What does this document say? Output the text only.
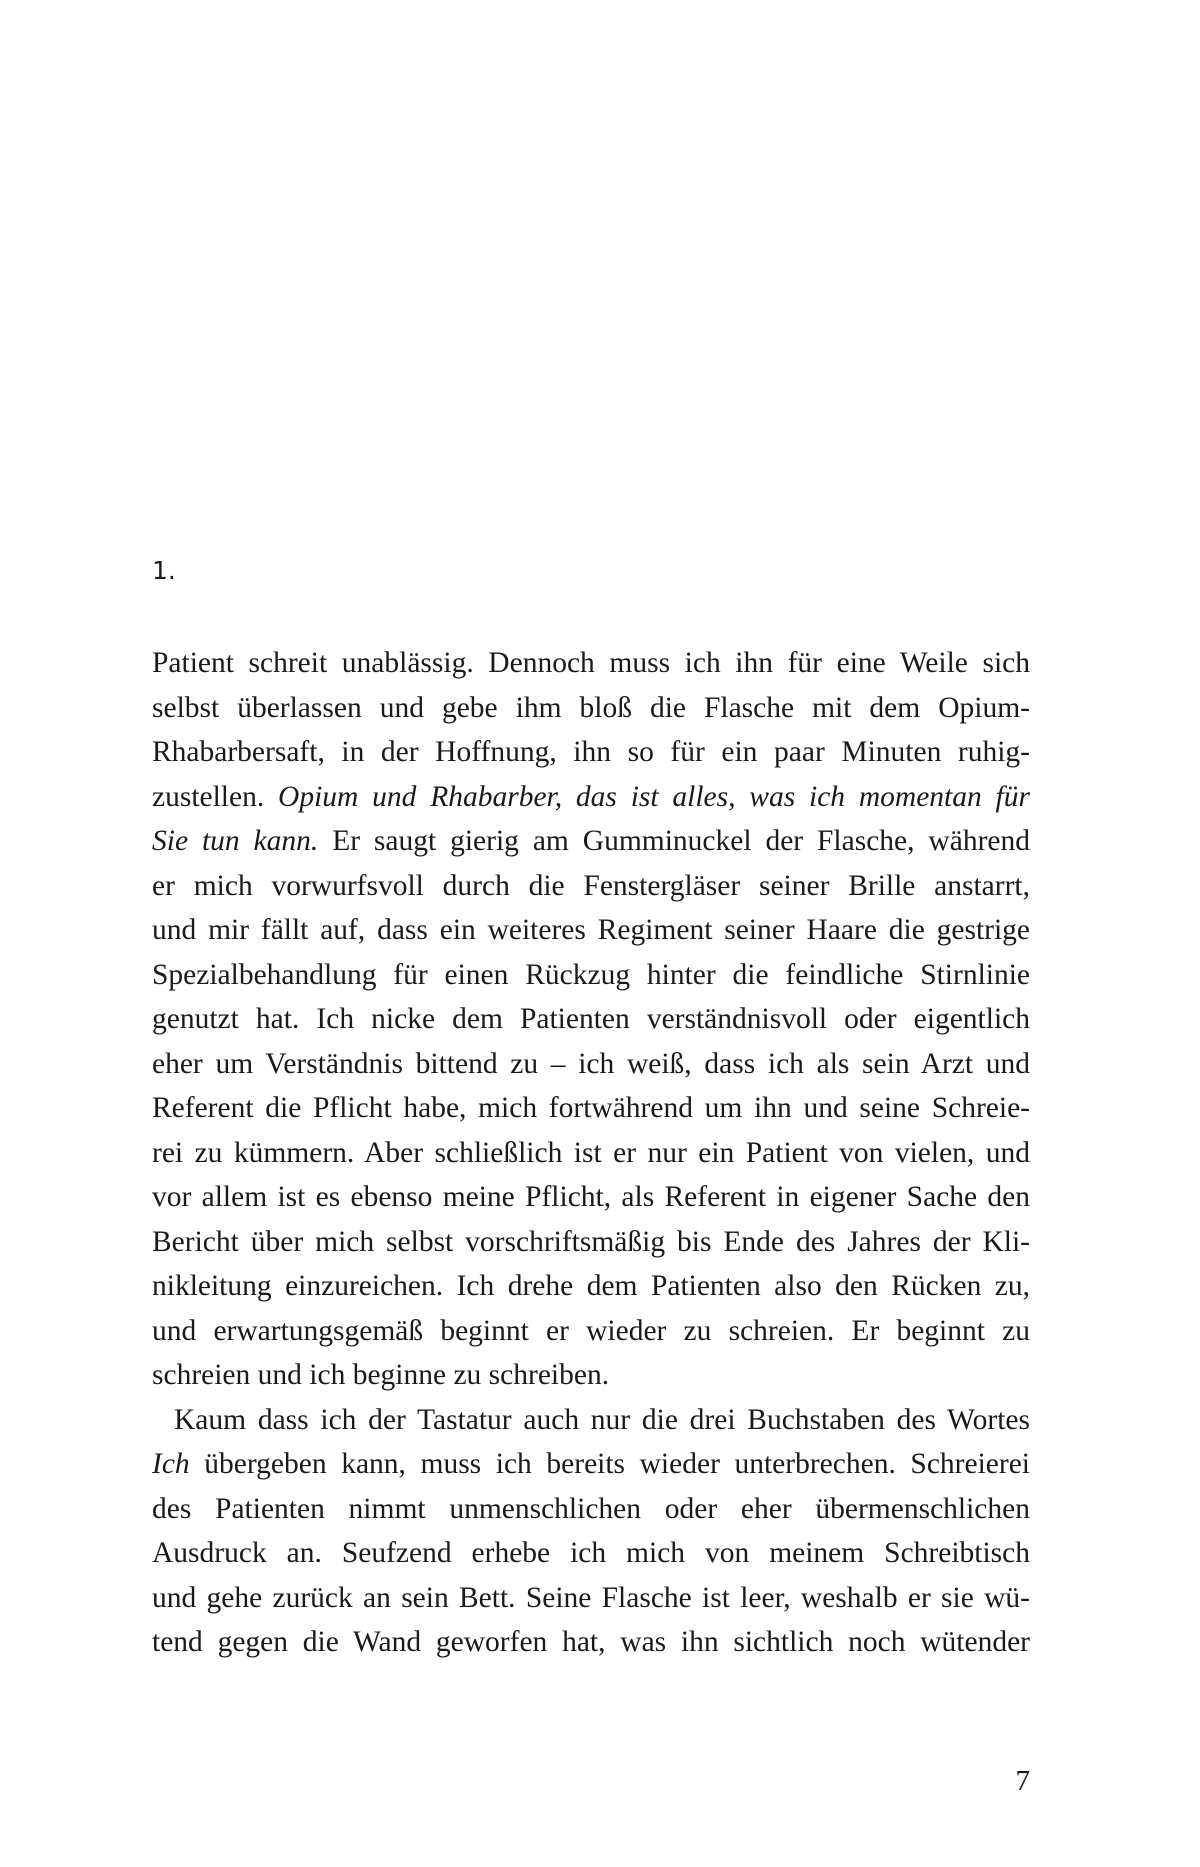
1.
Patient schreit unablässig. Dennoch muss ich ihn für eine Weile sich
selbst überlassen und gebe ihm bloß die Flasche mit dem Opium-
Rhabarbersaft, in der Hoffnung, ihn so für ein paar Minuten ruhig-
zustellen. Opium und Rhabarber, das ist alles, was ich momentan für
Sie tun kann. Er saugt gierig am Gumminuckel der Flasche, während
er mich vorwurfsvoll durch die Fenstergläser seiner Brille anstarrt,
und mir fällt auf, dass ein weiteres Regiment seiner Haare die gestrige
Spezialbehandlung für einen Rückzug hinter die feindliche Stirnlinie
genutzt hat. Ich nicke dem Patienten verständnisvoll oder eigentlich
eher um Verständnis bittend zu – ich weiß, dass ich als sein Arzt und
Referent die Pflicht habe, mich fortwährend um ihn und seine Schreie-
rei zu kümmern. Aber schließlich ist er nur ein Patient von vielen, und
vor allem ist es ebenso meine Pflicht, als Referent in eigener Sache den
Bericht über mich selbst vorschriftsmäßig bis Ende des Jahres der Kli-
nikleitung einzureichen. Ich drehe dem Patienten also den Rücken zu,
und erwartungsgemäß beginnt er wieder zu schreien. Er beginnt zu
schreien und ich beginne zu schreiben.
Kaum dass ich der Tastatur auch nur die drei Buchstaben des Wortes
Ich übergeben kann, muss ich bereits wieder unterbrechen. Schreierei
des Patienten nimmt unmenschlichen oder eher übermenschlichen
Ausdruck an. Seufzend erhebe ich mich von meinem Schreibtisch
und gehe zurück an sein Bett. Seine Flasche ist leer, weshalb er sie wü-
tend gegen die Wand geworfen hat, was ihn sichtlich noch wütender

7
